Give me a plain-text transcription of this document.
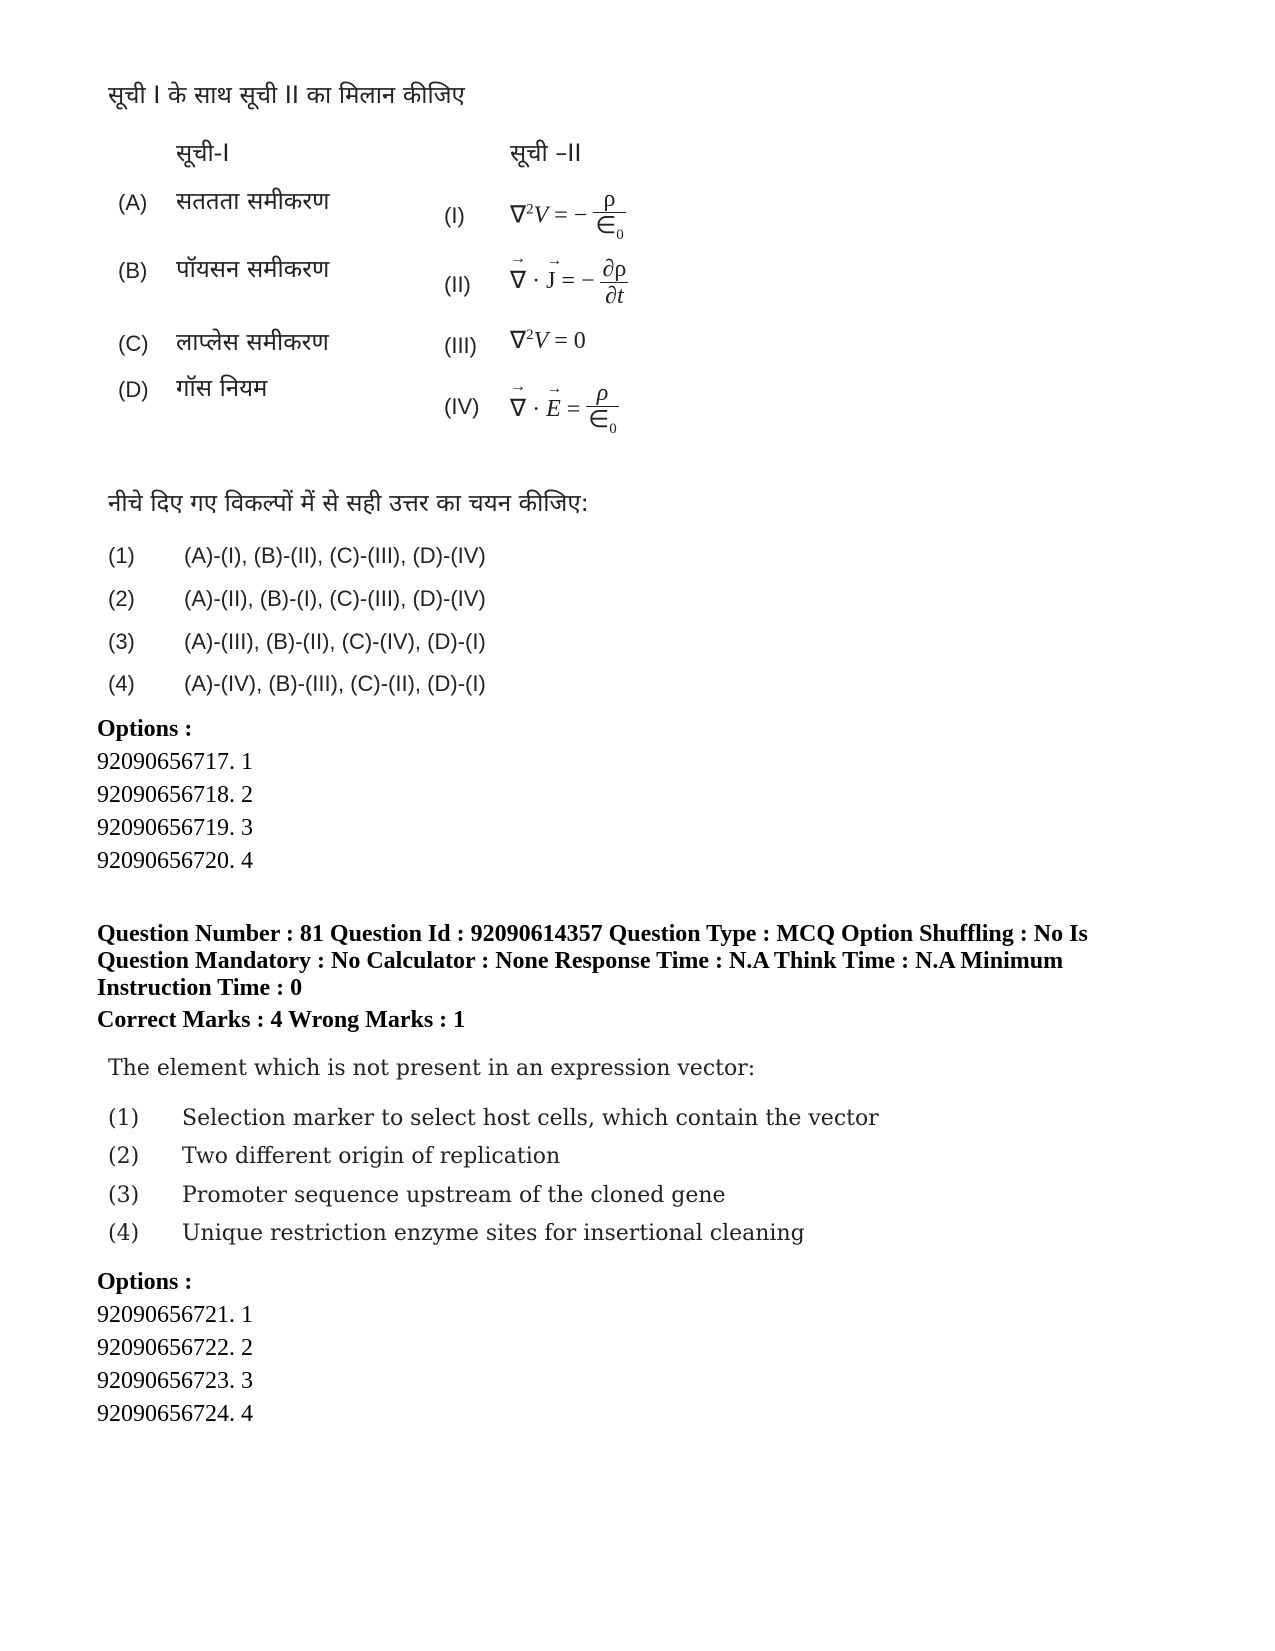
सूची I के साथ सूची II का मिलान कीजिए
सूची-I	सूची –II
(A) सततता समीकरण
(B) पॉयसन समीकरण
(C) लाप्लेस समीकरण
(D) गॉस नियम
(I) ∇$^2$V = − $\frac{\rho}{\in_0}$
(II) → ∇ · → J = − $\frac{\partial\rho}{\partial t}$
(III) ∇$^2$V = 0
(IV) → ∇ · → $E = \frac{\rho}{\in_0}$
नीचे दिए गए विकल्पों में से सही उत्तर का चयन कीजिए:
(1) (A)-(I), (B)-(II), (C)-(III), (D)-(IV)
(2) (A)-(II), (B)-(I), (C)-(III), (D)-(IV)
(3) (A)-(III), (B)-(II), (C)-(IV), (D)-(I)
(4) (A)-(IV), (B)-(III), (C)-(II), (D)-(I)
Options :
92090656717. 1
92090656718. 2
92090656719. 3
92090656720. 4
Question Number : 81 Question Id : 92090614357 Question Type : MCQ Option Shuffling : No Is
Question Mandatory : No Calculator : None Response Time : N.A Think Time : N.A Minimum
Instruction Time : 0
Correct Marks : 4 Wrong Marks : 1
The element which is not present in an expression vector:
(1) Selection marker to select host cells, which contain the vector
(2) Two different origin of replication
(3) Promoter sequence upstream of the cloned gene
(4) Unique restriction enzyme sites for insertional cleaning
Options :
92090656721. 1
92090656722. 2
92090656723. 3
92090656724. 4
